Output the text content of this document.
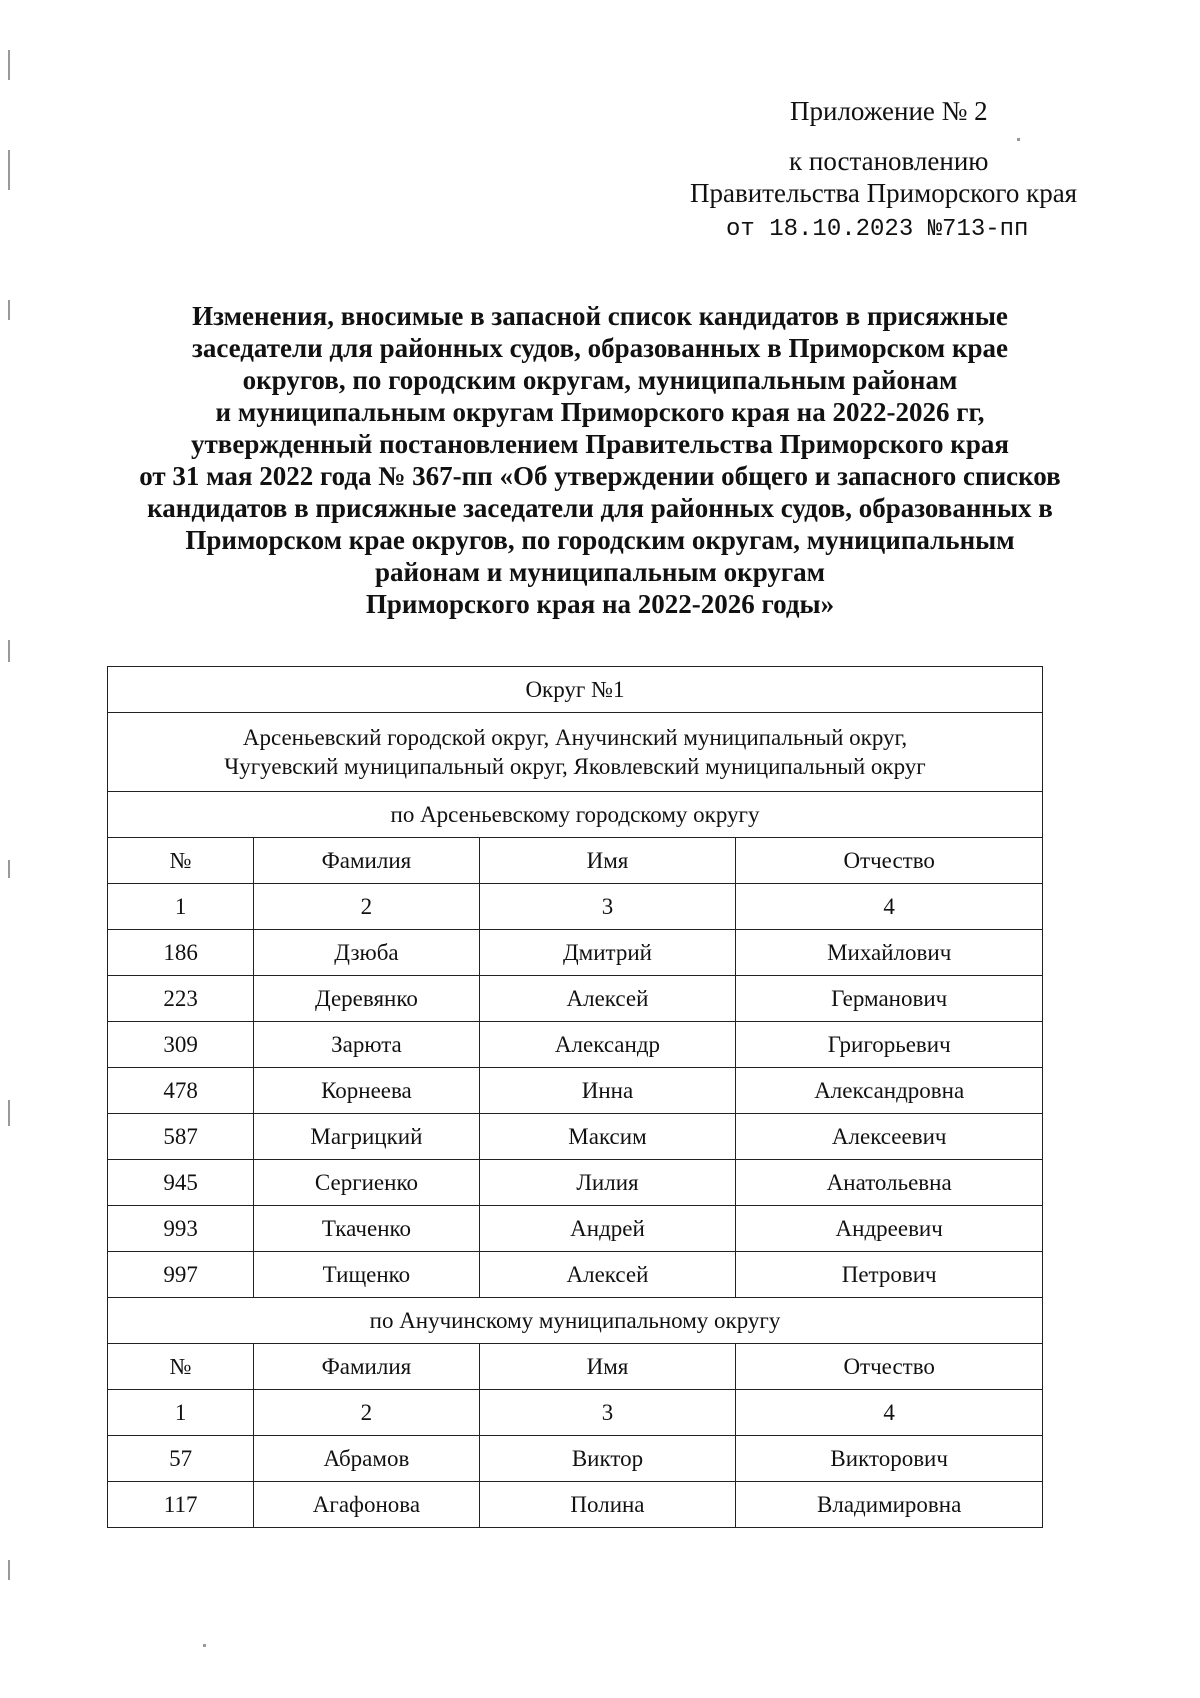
Приложение № 2
к постановлению
Правительства Приморского края
от 18.10.2023 №713-пп
Изменения, вносимые в запасной список кандидатов в присяжные
заседатели для районных судов, образованных в Приморском крае
округов, по городским округам, муниципальным районам
и муниципальным округам Приморского края на 2022-2026 гг,
утвержденный постановлением Правительства Приморского края
от 31 мая 2022 года № 367-пп «Об утверждении общего и запасного списков
кандидатов в присяжные заседатели для районных судов, образованных в
Приморском крае округов, по городским округам, муниципальным
районам и муниципальным округам
Приморского края на 2022-2026 годы»
Округ №1			

Арсеньевский городской округ, Анучинский муниципальный округ,
Чугуевский муниципальный округ, Яковлевский муниципальный округ			

по Арсеньевскому городскому округу			
№	Фамилия	Имя	Отчество
1	2	3	4
186	Дзюба	Дмитрий	Михайлович
223	Деревянко	Алексей	Германович
309	Зарюта	Александр	Григорьевич
478	Корнеева	Инна	Александровна
587	Магрицкий	Максим	Алексеевич
945	Сергиенко	Лилия	Анатольевна
993	Ткаченко	Андрей	Андреевич
997	Тищенко	Алексей	Петрович
по Анучинскому муниципальному округу			
№	Фамилия	Имя	Отчество
1	2	3	4
57	Абрамов	Виктор	Викторович
117	Агафонова	Полина	Владимировна
